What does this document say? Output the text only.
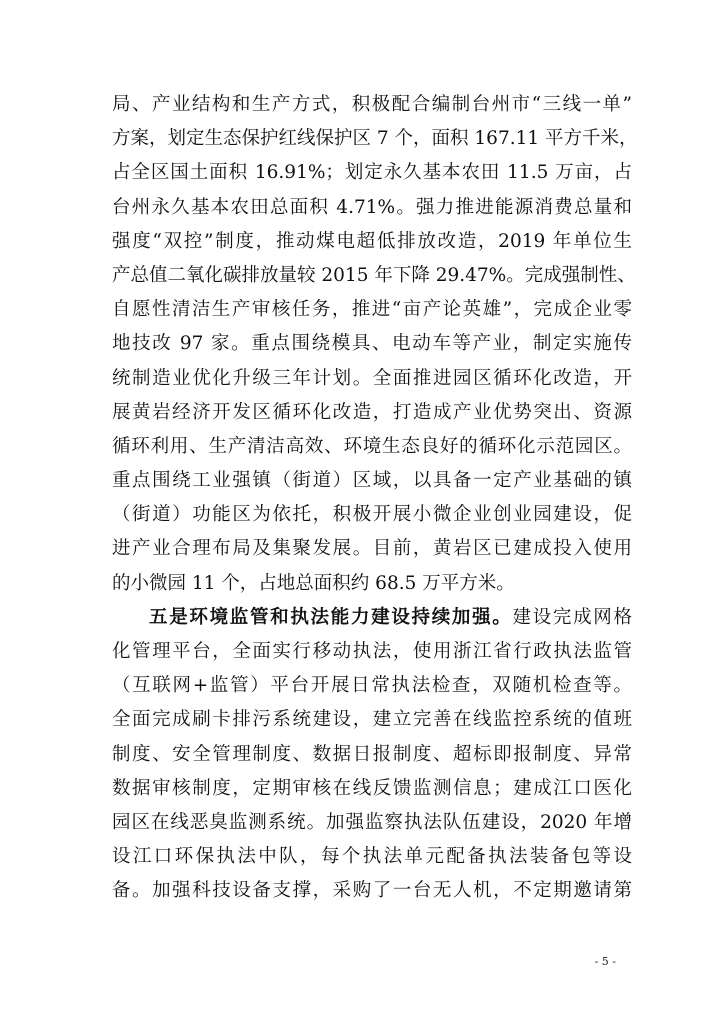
局、产业结构和生产方式，积极配合编制台州市“三线一单”
方案，划定生态保护红线保护区 7 个，面积 167.11 平方千米，
占全区国土面积 16.91%；划定永久基本农田 11.5 万亩，占
台州永久基本农田总面积 4.71%。强力推进能源消费总量和
强度“双控”制度，推动煤电超低排放改造，2019 年单位生
产总值二氧化碳排放量较 2015 年下降 29.47%。完成强制性、
自愿性清洁生产审核任务，推进“亩产论英雄”，完成企业零
地技改 97 家。重点围绕模具、电动车等产业，制定实施传
统制造业优化升级三年计划。全面推进园区循环化改造，开
展黄岩经济开发区循环化改造，打造成产业优势突出、资源
循环利用、生产清洁高效、环境生态良好的循环化示范园区。
重点围绕工业强镇（街道）区域，以具备一定产业基础的镇
（街道）功能区为依托，积极开展小微企业创业园建设，促
进产业合理布局及集聚发展。目前，黄岩区已建成投入使用
的小微园 11 个，占地总面积约 68.5 万平方米。
五是环境监管和执法能力建设持续加强。建设完成网格
化管理平台，全面实行移动执法，使用浙江省行政执法监管
（互联网+监管）平台开展日常执法检查，双随机检查等。
全面完成刷卡排污系统建设，建立完善在线监控系统的值班
制度、安全管理制度、数据日报制度、超标即报制度、异常
数据审核制度，定期审核在线反馈监测信息；建成江口医化
园区在线恶臭监测系统。加强监察执法队伍建设，2020 年增
设江口环保执法中队，每个执法单元配备执法装备包等设
备。加强科技设备支撑，采购了一台无人机，不定期邀请第
- 5 -
